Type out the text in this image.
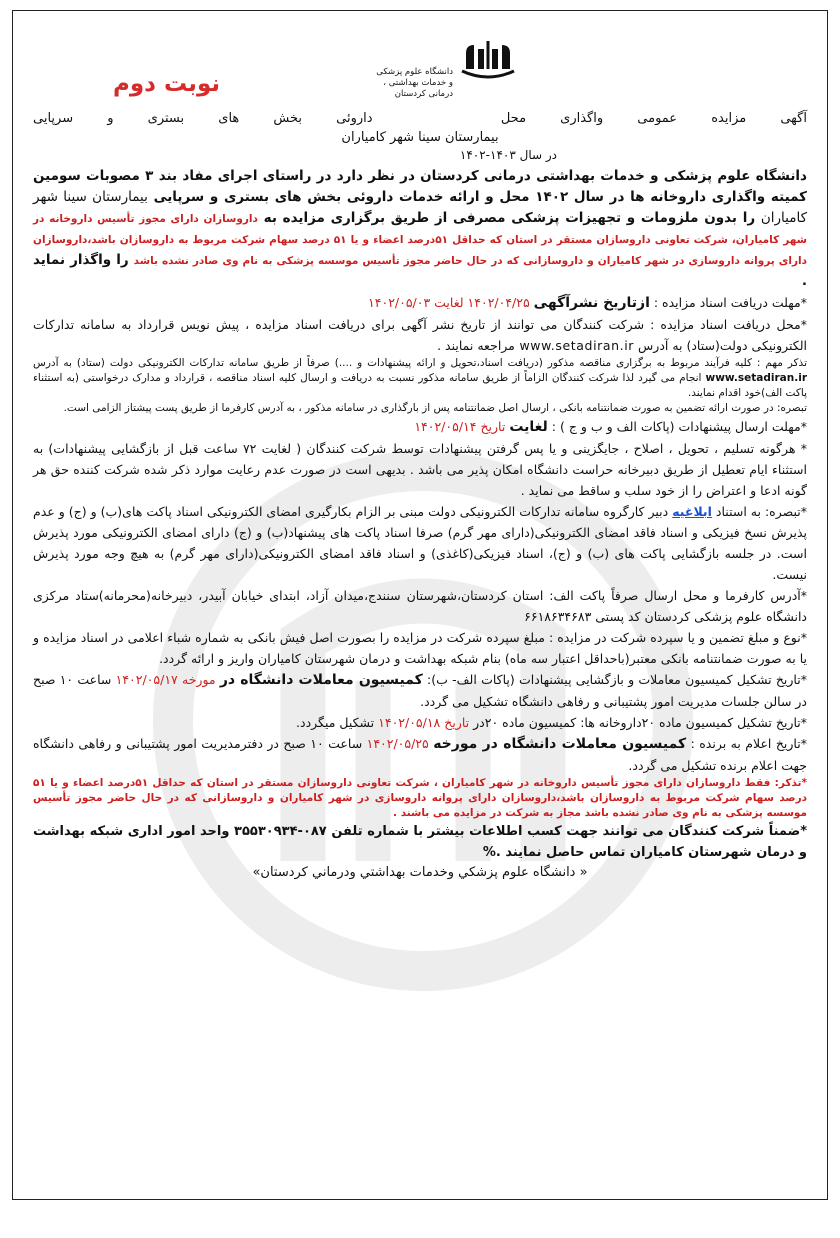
دانشگاه علوم پزشکی
و خدمات بهداشتی ،
درمانی کردستان
نوبت دوم
آگهی مزایده عمومی واگذاری محل  داروئی بخش های بستری و سرپایی
بیمارستان سینا شهر کامیاران
در سال ۱۴۰۳-۱۴۰۲

دانشگاه علوم پزشکی و خدمات بهداشتی درمانی کردستان در نظر دارد در راستای اجرای مفاد بند ۳ مصوبات سومین کمیته واگذاری داروخانه ها در سال ۱۴۰۲ محل و ارائه خدمات داروئی بخش های بستری و سرپایی بیمارستان سینا شهر کامیاران را بدون ملزومات و تجهیزات پزشکی مصرفی از طریق برگزاری مزایده به داروسازان دارای مجوز تأسیس داروخانه در شهر کامیاران، شرکت تعاونی داروسازان مستقر در استان که حداقل ۵۱درصد اعضاء و یا ۵۱ درصد سهام شرکت مربوط به داروسازان باشد،داروسازان دارای پروانه داروسازی در شهر کامیاران و داروسازانی که در حال حاضر مجوز تأسیس موسسه پزشکی به نام وی صادر نشده باشد را واگذار نماید .

*مهلت دریافت اسناد مزایده : ازتاریخ نشرآگهی ۱۴۰۲/۰۴/۲۵ لغایت ۱۴۰۲/۰۵/۰۳

*محل دریافت اسناد مزایده : شرکت کنندگان می توانند از تاریخ نشر آگهی برای دریافت اسناد مزایده ، پیش نویس قرارداد به سامانه تدارکات الکترونیکی دولت(ستاد) به آدرس www.setadiran.ir مراجعه نمایند .

تذکر مهم : کلیه فرآیند مربوط به برگزاری مناقصه مذکور (دریافت اسناد،تحویل و ارائه پیشنهادات و ....) صرفاً از طریق سامانه تدارکات الکترونیکی دولت (ستاد) به آدرس www.setadiran.ir انجام می گیرد لذا شرکت کنندگان الزاماً از طریق سامانه مذکور نسبت به دریافت و ارسال کلیه اسناد مناقصه ، قرارداد و مدارک درخواستی (به استثناء پاکت الف)خود اقدام نمایند.

تبصره: در صورت ارائه تضمین به صورت ضمانتنامه بانکی ، ارسال اصل ضمانتنامه پس از بارگذاری در سامانه مذکور ، به آدرس کارفرما از طریق پست پیشتاز الزامی است.

*مهلت ارسال پیشنهادات (پاکات الف و ب و ج ) : لغایت تاریخ ۱۴۰۲/۰۵/۱۴

* هرگونه تسلیم ، تحویل ، اصلاح ، جایگزینی و یا پس گرفتن پیشنهادات توسط شرکت کنندگان ( لغایت ۷۲ ساعت قبل از بازگشایی پیشنهادات) به استثناء ایام تعطیل از طریق دبیرخانه حراست دانشگاه امکان پذیر می باشد . بدیهی است در صورت عدم رعایت موارد ذکر شده شرکت کننده حق هر گونه ادعا و اعتراض را از خود سلب و ساقط می نماید .

*تبصره: به استناد ابلاغیه دبیر کارگروه سامانه تدارکات الکترونیکی دولت مبنی بر الزام بکارگیری امضای الکترونیکی اسناد پاکت های(ب) و (ج) و عدم پذیرش نسخ فیزیکی و اسناد فاقد امضای الکترونیکی(دارای مهر گرم) صرفا اسناد پاکت های پیشنهاد(ب) و (ج) دارای امضای الکترونیکی مورد پذیرش است. در جلسه بازگشایی پاکت های (ب) و (ج)، اسناد فیزیکی(کاغذی) و اسناد فاقد امضای الکترونیکی(دارای مهر گرم) به هیچ وجه مورد پذیرش نیست.

*آدرس کارفرما و محل ارسال صرفاً پاکت الف: استان کردستان،شهرستان سنندج،میدان آزاد، ابتدای خیابان آبیدر، دبیرخانه(محرمانه)ستاد مرکزی دانشگاه علوم پزشکی کردستان کد پستی ۶۶۱۸۶۳۴۶۸۳

*نوع و مبلغ تضمین و یا سپرده شرکت در مزایده : مبلغ سپرده شرکت در مزایده را بصورت اصل فیش بانکی به شماره شباء اعلامی در اسناد مزایده و یا به صورت ضمانتنامه بانکی معتبر(باحداقل اعتبار سه ماه) بنام شبکه بهداشت و درمان شهرستان کامیاران واریز و ارائه گردد.

*تاریخ تشکیل کمیسیون معاملات و بازگشایی پیشنهادات (پاکات الف- ب): کمیسیون معاملات دانشگاه در مورخه ۱۴۰۲/۰۵/۱۷ ساعت ۱۰ صبح در سالن جلسات مدیریت امور پشتیبانی و رفاهی دانشگاه تشکیل می گردد.

*تاریخ تشکیل کمیسیون ماده ۲۰داروخانه ها: کمیسیون ماده ۲۰در تاریخ ۱۴۰۲/۰۵/۱۸ تشکیل میگردد.

*تاریخ اعلام به برنده : کمیسیون معاملات دانشگاه در مورخه ۱۴۰۲/۰۵/۲۵ ساعت ۱۰ صبح در دفترمدیریت امور پشتیبانی و رفاهی دانشگاه جهت اعلام برنده تشکیل می گردد.

*تذکر: فقط داروسازان دارای مجوز تأسیس داروخانه در شهر کامیاران ، شرکت تعاونی داروسازان مستقر در استان که حداقل ۵۱درصد اعضاء و یا ۵۱ درصد سهام شرکت مربوط به داروسازان باشد،داروسازان دارای پروانه داروسازی در شهر کامیاران و داروسازانی که در حال حاضر مجوز تأسیس موسسه پزشکی به نام وی صادر نشده باشد مجاز به شرکت در مزایده می باشند .

*ضمناً شرکت کنندگان می توانند جهت کسب اطلاعات بیشتر با شماره تلفن ۰۸۷-۳۵۵۳۰۹۳۴ واحد امور اداری شبکه بهداشت و درمان شهرستان کامیاران تماس حاصل نمایند .%

« دانشگاه علوم پزشکي وخدمات بهداشتي ودرماني کردستان»
